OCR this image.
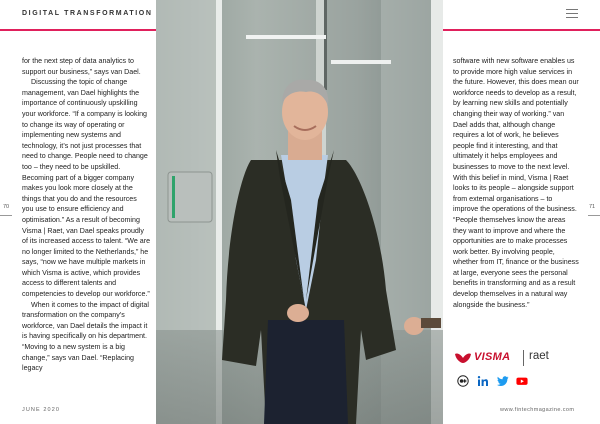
DIGITAL TRANSFORMATION

for the next step of data analytics to support our business,” says van Dael.

Discussing the topic of change management, van Dael highlights the importance of continuously upskilling your workforce. “If a company is looking to change its way of operating or implementing new systems and technology, it’s not just processes that need to change. People need to change too – they need to be upskilled. Becoming part of a bigger company makes you look more closely at the things that you do and the resources you use to ensure efficiency and optimisation.” As a result of becoming Visma | Raet, van Dael speaks proudly of its increased access to talent. “We are no longer limited to the Netherlands,” he says, “now we have multiple markets in which Visma is active, which provides access to different talents and competencies to develop our workforce.”

When it comes to the impact of digital transformation on the company’s workforce, van Dael details the impact it is having specifically on his department. “Moving to a new system is a big change,” says van Dael. “Replacing legacy

software with new software enables us to provide more high value services in the future. However, this does mean our workforce needs to develop as a result, by learning new skills and potentially changing their way of working.” van Dael adds that, although change requires a lot of work, he believes people find it interesting, and that ultimately it helps employees and businesses to move to the next level. With this belief in mind, Visma | Raet looks to its people – alongside support from external organisations – to improve the operations of the business. “People themselves know the areas they want to improve and where the opportunities are to make processes work better. By involving people, whether from IT, finance or the business at large, everyone sees the personal benefits in transforming and as a result develop themselves in a natural way alongside the business.”

70	71
VISMA raet
JUNE 2020	www.fintechmagazine.com
